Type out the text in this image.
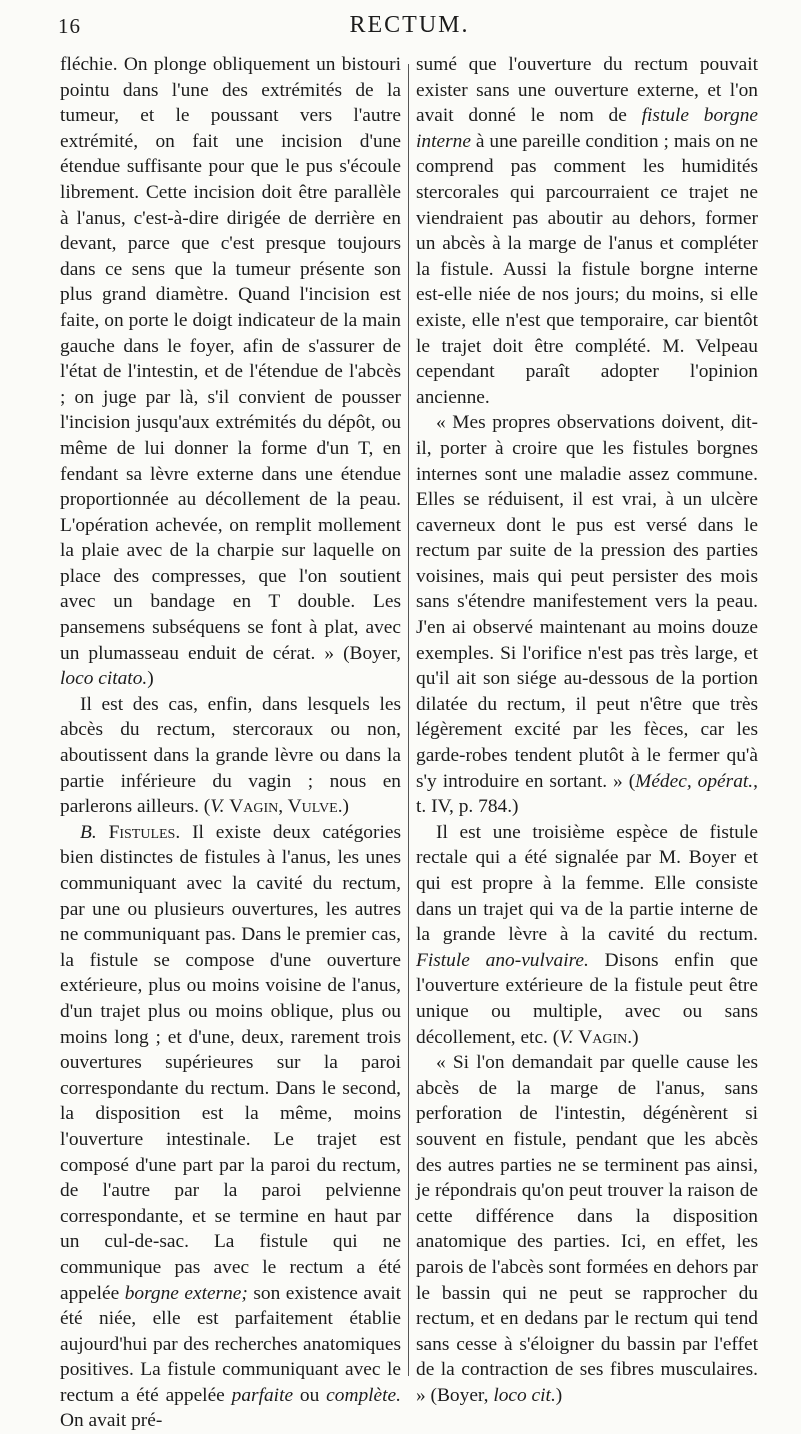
16	RECTUM.

fléchie. On plonge obliquement un bistouri pointu dans l'une des extrémités de la tumeur, et le poussant vers l'autre extrémité, on fait une incision d'une étendue suffisante pour que le pus s'écoule librement. Cette incision doit être parallèle à l'anus, c'est-à-dire dirigée de derrière en devant, parce que c'est presque toujours dans ce sens que la tumeur présente son plus grand diamètre. Quand l'incision est faite, on porte le doigt indicateur de la main gauche dans le foyer, afin de s'assurer de l'état de l'intestin, et de l'étendue de l'abcès ; on juge par là, s'il convient de pousser l'incision jusqu'aux extrémités du dépôt, ou même de lui donner la forme d'un T, en fendant sa lèvre externe dans une étendue proportionnée au décollement de la peau. L'opération achevée, on remplit mollement la plaie avec de la charpie sur laquelle on place des compresses, que l'on soutient avec un bandage en T double. Les pansemens subséquens se font à plat, avec un plumasseau enduit de cérat. » (Boyer, loco citato.)

Il est des cas, enfin, dans lesquels les abcès du rectum, stercoraux ou non, aboutissent dans la grande lèvre ou dans la partie inférieure du vagin ; nous en parlerons ailleurs. (V. Vagin, Vulve.)

B. Fistules. Il existe deux catégories bien distinctes de fistules à l'anus, les unes communiquant avec la cavité du rectum, par une ou plusieurs ouvertures, les autres ne communiquant pas. Dans le premier cas, la fistule se compose d'une ouverture extérieure, plus ou moins voisine de l'anus, d'un trajet plus ou moins oblique, plus ou moins long ; et d'une, deux, rarement trois ouvertures supérieures sur la paroi correspondante du rectum. Dans le second, la disposition est la même, moins l'ouverture intestinale. Le trajet est composé d'une part par la paroi du rectum, de l'autre par la paroi pelvienne correspondante, et se termine en haut par un cul-de-sac. La fistule qui ne communique pas avec le rectum a été appelée borgne externe; son existence avait été niée, elle est parfaitement établie aujourd'hui par des recherches anatomiques positives. La fistule communiquant avec le rectum a été appelée parfaite ou complète. On avait pré-

sumé que l'ouverture du rectum pouvait exister sans une ouverture externe, et l'on avait donné le nom de fistule borgne interne à une pareille condition ; mais on ne comprend pas comment les humidités stercorales qui parcourraient ce trajet ne viendraient pas aboutir au dehors, former un abcès à la marge de l'anus et compléter la fistule. Aussi la fistule borgne interne est-elle niée de nos jours; du moins, si elle existe, elle n'est que temporaire, car bientôt le trajet doit être complété. M. Velpeau cependant paraît adopter l'opinion ancienne.

« Mes propres observations doivent, dit-il, porter à croire que les fistules borgnes internes sont une maladie assez commune. Elles se réduisent, il est vrai, à un ulcère caverneux dont le pus est versé dans le rectum par suite de la pression des parties voisines, mais qui peut persister des mois sans s'étendre manifestement vers la peau. J'en ai observé maintenant au moins douze exemples. Si l'orifice n'est pas très large, et qu'il ait son siége au-dessous de la portion dilatée du rectum, il peut n'être que très légèrement excité par les fèces, car les garde-robes tendent plutôt à le fermer qu'à s'y introduire en sortant. » (Médec, opérat., t. IV, p. 784.)

Il est une troisième espèce de fistule rectale qui a été signalée par M. Boyer et qui est propre à la femme. Elle consiste dans un trajet qui va de la partie interne de la grande lèvre à la cavité du rectum. Fistule ano-vulvaire. Disons enfin que l'ouverture extérieure de la fistule peut être unique ou multiple, avec ou sans décollement, etc. (V. Vagin.)

« Si l'on demandait par quelle cause les abcès de la marge de l'anus, sans perforation de l'intestin, dégénèrent si souvent en fistule, pendant que les abcès des autres parties ne se terminent pas ainsi, je répondrais qu'on peut trouver la raison de cette différence dans la disposition anatomique des parties. Ici, en effet, les parois de l'abcès sont formées en dehors par le bassin qui ne peut se rapprocher du rectum, et en dedans par le rectum qui tend sans cesse à s'éloigner du bassin par l'effet de la contraction de ses fibres musculaires. » (Boyer, loco cit.)
